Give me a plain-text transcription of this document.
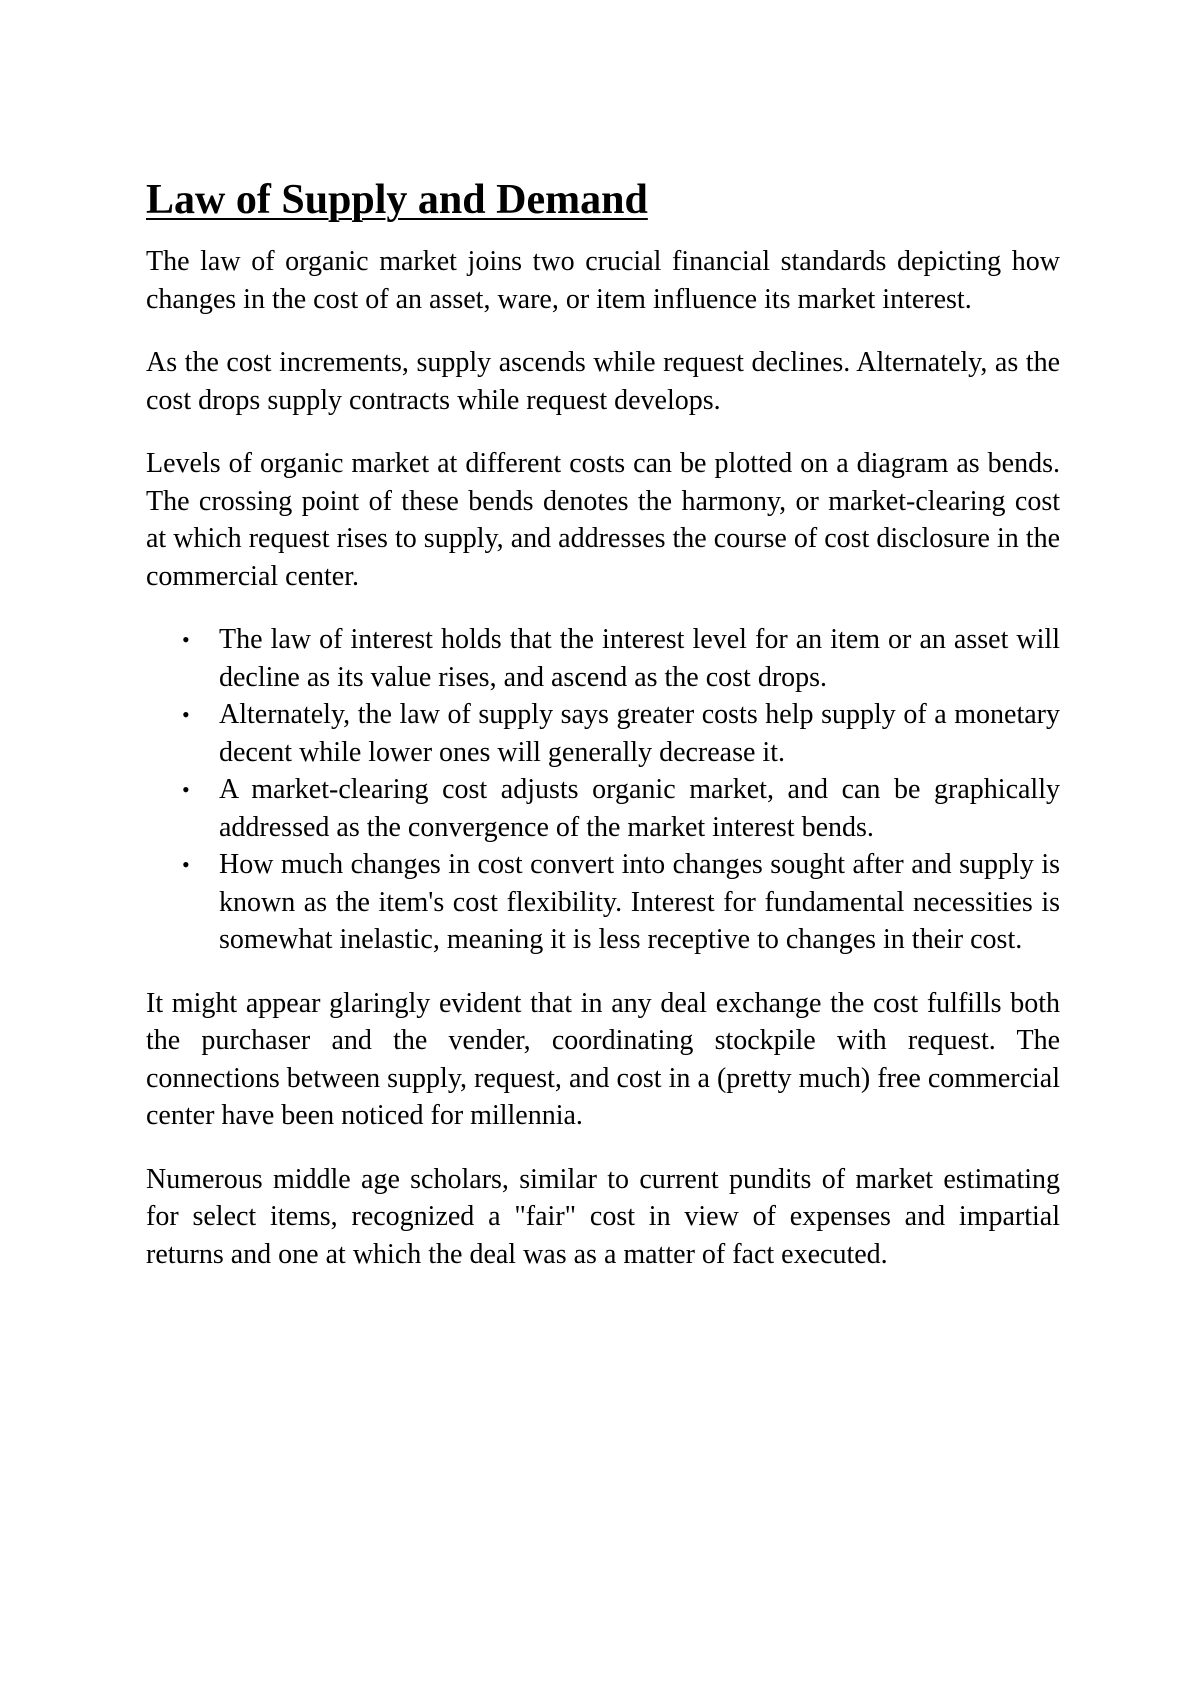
Law of Supply and Demand

The law of organic market joins two crucial financial standards depicting how changes in the cost of an asset, ware, or item influence its market interest.

As the cost increments, supply ascends while request declines. Alternately, as the cost drops supply contracts while request develops.

Levels of organic market at different costs can be plotted on a diagram as bends. The crossing point of these bends denotes the harmony, or market-clearing cost at which request rises to supply, and addresses the course of cost disclosure in the commercial center.

• The law of interest holds that the interest level for an item or an asset will decline as its value rises, and ascend as the cost drops.
• Alternately, the law of supply says greater costs help supply of a monetary decent while lower ones will generally decrease it.
• A market-clearing cost adjusts organic market, and can be graphically addressed as the convergence of the market interest bends.
• How much changes in cost convert into changes sought after and supply is known as the item's cost flexibility. Interest for fundamental necessities is somewhat inelastic, meaning it is less receptive to changes in their cost.

It might appear glaringly evident that in any deal exchange the cost fulfills both the purchaser and the vender, coordinating stockpile with request. The connections between supply, request, and cost in a (pretty much) free commercial center have been noticed for millennia.

Numerous middle age scholars, similar to current pundits of market estimating for select items, recognized a "fair" cost in view of expenses and impartial returns and one at which the deal was as a matter of fact executed.
